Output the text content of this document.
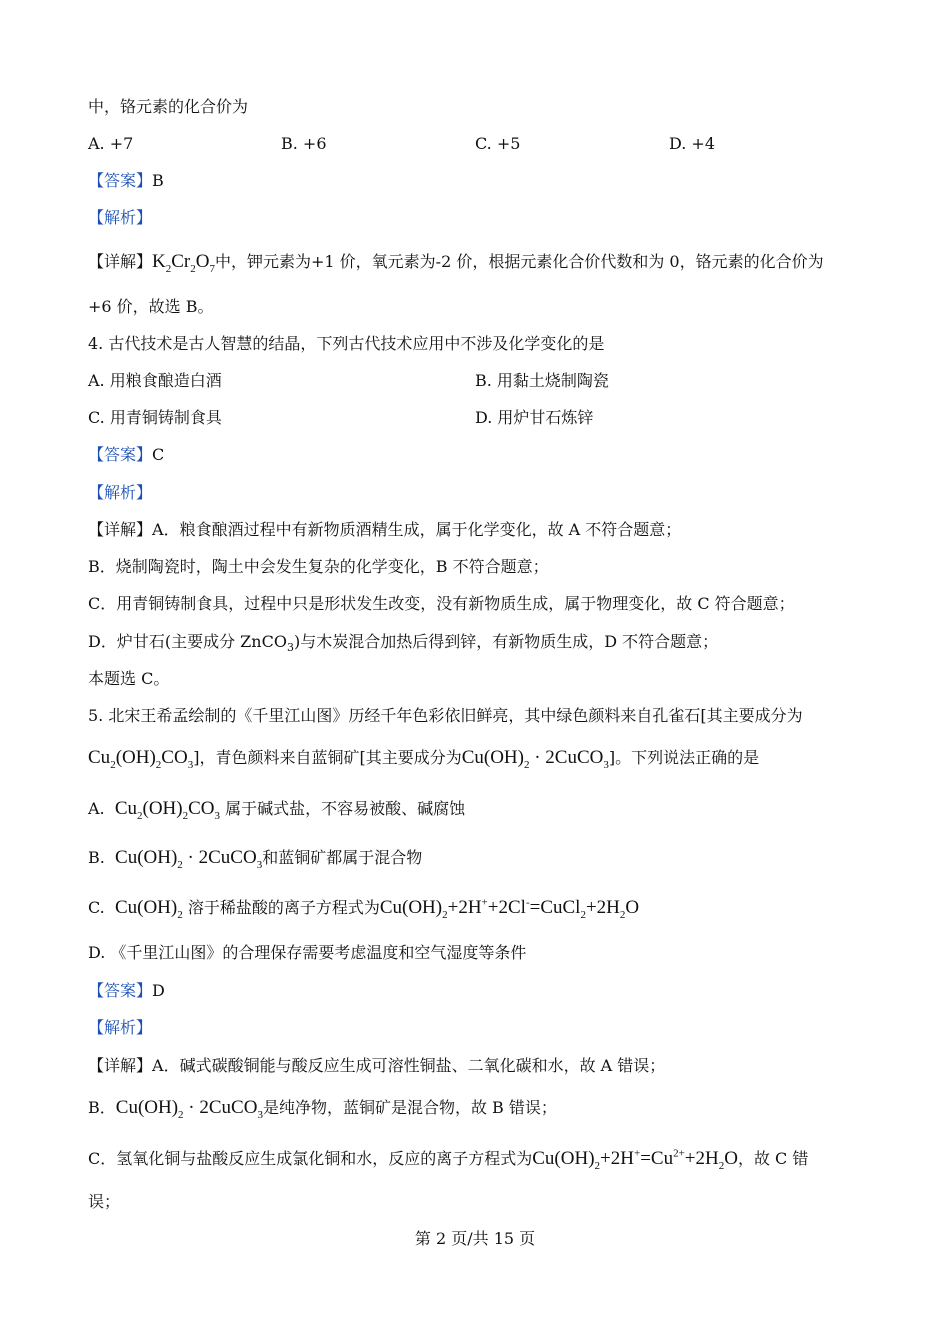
中，铬元素的化合价为
A. +7	B. +6	C. +5	D. +4
【答案】B
【解析】
【详解】$K_2Cr_2O_7$中，钾元素为+1 价，氧元素为-2 价，根据元素化合价代数和为 0，铬元素的化合价为
+6 价，故选 B。
4. 古代技术是古人智慧的结晶，下列古代技术应用中不涉及化学变化的是
A. 用粮食酿造白酒	B. 用黏土烧制陶瓷
C. 用青铜铸制食具	D. 用炉甘石炼锌
【答案】C
【解析】
【详解】A．粮食酿酒过程中有新物质酒精生成，属于化学变化，故 A 不符合题意；
B．烧制陶瓷时，陶土中会发生复杂的化学变化，B 不符合题意；
C．用青铜铸制食具，过程中只是形状发生改变，没有新物质生成，属于物理变化，故 C 符合题意；
D．炉甘石(主要成分 ZnCO$_3$)与木炭混合加热后得到锌，有新物质生成，D 不符合题意；
本题选 C。
5. 北宋王希孟绘制的《千里江山图》历经千年色彩依旧鲜亮，其中绿色颜料来自孔雀石[其主要成分为
$Cu_2(OH)_2CO_3$]，青色颜料来自蓝铜矿[其主要成分为$Cu(OH)_2$ · 2CuCO$_3$]。下列说法正确的是
A.  $Cu_2(OH)_2CO_3$ 属于碱式盐，不容易被酸、碱腐蚀
B.  $Cu(OH)_2$ · 2CuCO$_3$和蓝铜矿都属于混合物
C.  $Cu(OH)_2$ 溶于稀盐酸的离子方程式为$Cu(OH)_2+2H^++2Cl^-=CuCl_2+2H_2O$
D. 《千里江山图》的合理保存需要考虑温度和空气湿度等条件
【答案】D
【解析】
【详解】A．碱式碳酸铜能与酸反应生成可溶性铜盐、二氧化碳和水，故 A 错误；
B．$Cu(OH)_2$ · 2CuCO$_3$是纯净物，蓝铜矿是混合物，故 B 错误；
C．氢氧化铜与盐酸反应生成氯化铜和水，反应的离子方程式为$Cu(OH)_2+2H^+=Cu^{2+}+2H_2O$，故 C 错
误；
第 2 页/共 15 页
